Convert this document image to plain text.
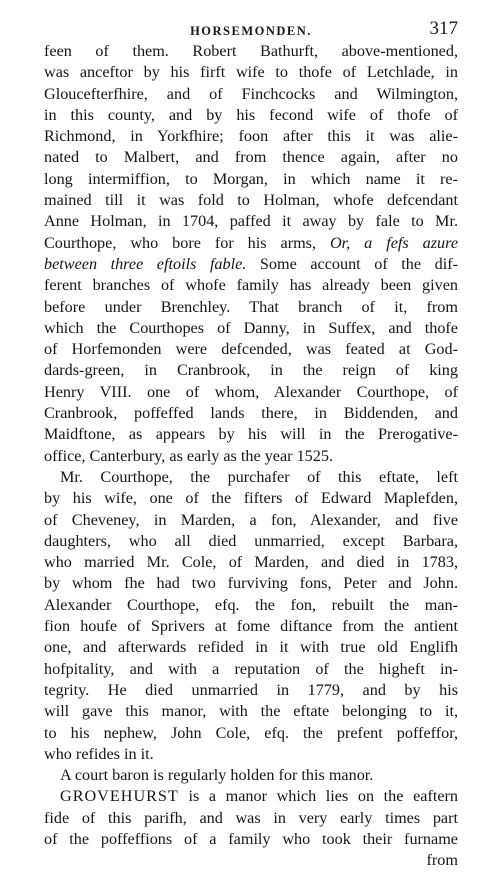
HORSEMONDEN.	317
feen of them. Robert Bathurft, above-mentioned,
was anceftor by his firft wife to thofe of Letchlade, in
Gloucefterfhire, and of Finchcocks and Wilmington,
in this county, and by his fecond wife of thofe of
Richmond, in Yorkfhire; foon after this it was alie-
nated to Malbert, and from thence again, after no
long intermiffion, to Morgan, in which name it re-
mained till it was fold to Holman, whofe defcendant
Anne Holman, in 1704, paffed it away by fale to Mr.
Courthope, who bore for his arms, Or, a fefs azure
between three eftoils fable. Some account of the dif-
ferent branches of whofe family has already been given
before under Brenchley. That branch of it, from
which the Courthopes of Danny, in Suffex, and thofe
of Horfemonden were defcended, was feated at God-
dards-green, in Cranbrook, in the reign of king
Henry VIII. one of whom, Alexander Courthope, of
Cranbrook, poffeffed lands there, in Biddenden, and
Maidftone, as appears by his will in the Prerogative-
office, Canterbury, as early as the year 1525.
Mr. Courthope, the purchafer of this eftate, left
by his wife, one of the fifters of Edward Maplefden,
of Cheveney, in Marden, a fon, Alexander, and five
daughters, who all died unmarried, except Barbara,
who married Mr. Cole, of Marden, and died in 1783,
by whom fhe had two furviving fons, Peter and John.
Alexander Courthope, efq. the fon, rebuilt the man-
fion houfe of Sprivers at fome diftance from the antient
one, and afterwards refided in it with true old Englifh
hofpitality, and with a reputation of the higheft in-
tegrity. He died unmarried in 1779, and by his
will gave this manor, with the eftate belonging to it,
to his nephew, John Cole, efq. the prefent poffeffor,
who refides in it.
A court baron is regularly holden for this manor.
GROVEHURST is a manor which lies on the eaftern
fide of this parifh, and was in very early times part
of the poffeffions of a family who took their furname
from
